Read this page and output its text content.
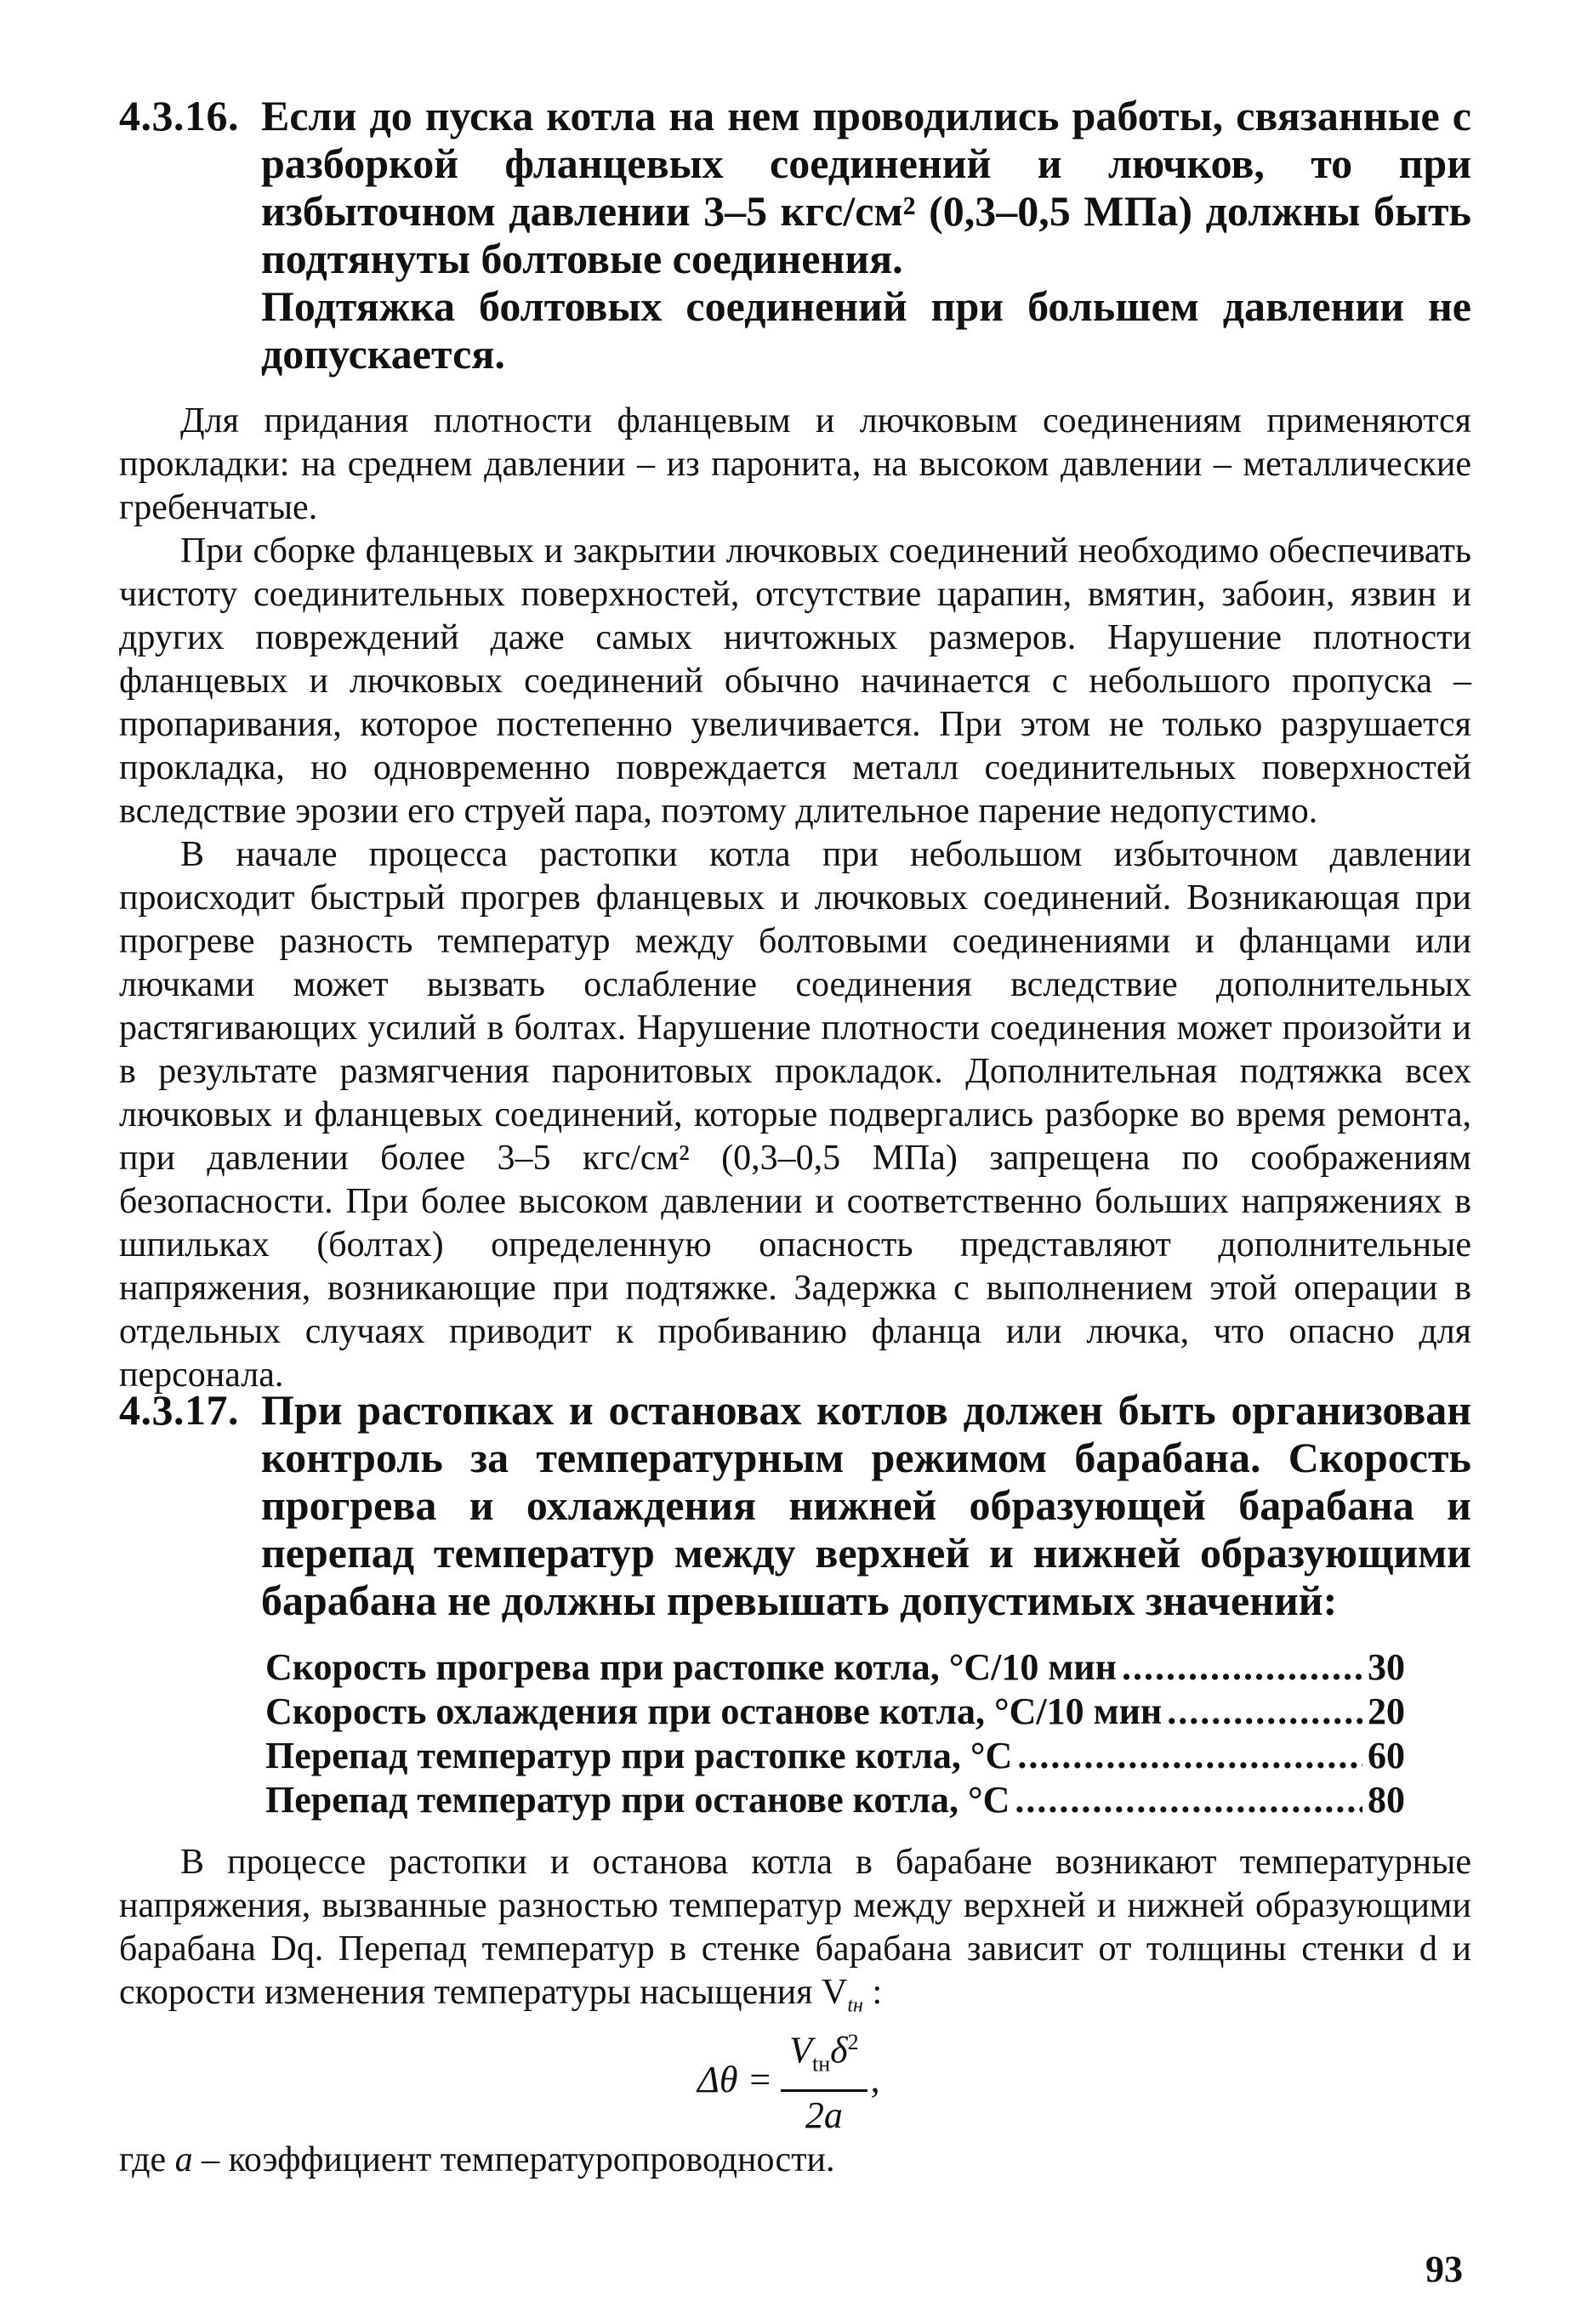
4.3.16. Если до пуска котла на нем проводились работы, связанные с разборкой фланцевых соединений и лючков, то при избыточном давлении 3–5 кгс/см² (0,3–0,5 МПа) должны быть подтянуты болтовые соединения.

Подтяжка болтовых соединений при большем давлении не допускается.

Для придания плотности фланцевым и лючковым соединениям применяются прокладки: на среднем давлении – из паронита, на высоком давлении – металлические гребенчатые.

При сборке фланцевых и закрытии лючковых соединений необходимо обеспечивать чистоту соединительных поверхностей, отсутствие царапин, вмятин, забоин, язвин и других повреждений даже самых ничтожных размеров. Нарушение плотности фланцевых и лючковых соединений обычно начинается с небольшого пропуска – пропаривания, которое постепенно увеличивается. При этом не только разрушается прокладка, но одновременно повреждается металл соединительных поверхностей вследствие эрозии его струей пара, поэтому длительное парение недопустимо.

В начале процесса растопки котла при небольшом избыточном давлении происходит быстрый прогрев фланцевых и лючковых соединений. Возникающая при прогреве разность температур между болтовыми соединениями и фланцами или лючками может вызвать ослабление соединения вследствие дополнительных растягивающих усилий в болтах. Нарушение плотности соединения может произойти и в результате размягчения паронитовых прокладок. Дополнительная подтяжка всех лючковых и фланцевых соединений, которые подвергались разборке во время ремонта, при давлении более 3–5 кгс/см² (0,3–0,5 МПа) запрещена по соображениям безопасности. При более высоком давлении и соответственно больших напряжениях в шпильках (болтах) определенную опасность представляют дополнительные напряжения, возникающие при подтяжке. Задержка с выполнением этой операции в отдельных случаях приводит к пробиванию фланца или лючка, что опасно для персонала.

4.3.17. При растопках и остановах котлов должен быть организован контроль за температурным режимом барабана. Скорость прогрева и охлаждения нижней образующей барабана и перепад температур между верхней и нижней образующими барабана не должны превышать допустимых значений:

Скорость прогрева при растопке котла, °С/10 мин .....	30
Скорость охлаждения при останове котла, °С/10 мин .....	20
Перепад температур при растопке котла, °С .....	60
Перепад температур при останове котла, °С .....	80

В процессе растопки и останова котла в барабане возникают температурные напряжения, вызванные разностью температур между верхней и нижней образующими барабана Dq. Перепад температур в стенке барабана зависит от толщины стенки d и скорости изменения температуры насыщения $V_{tн}$ :

$\Delta\theta = \frac{V_{tн}\delta^2}{2a}$ ,
где a – коэффициент температуропроводности.
93
